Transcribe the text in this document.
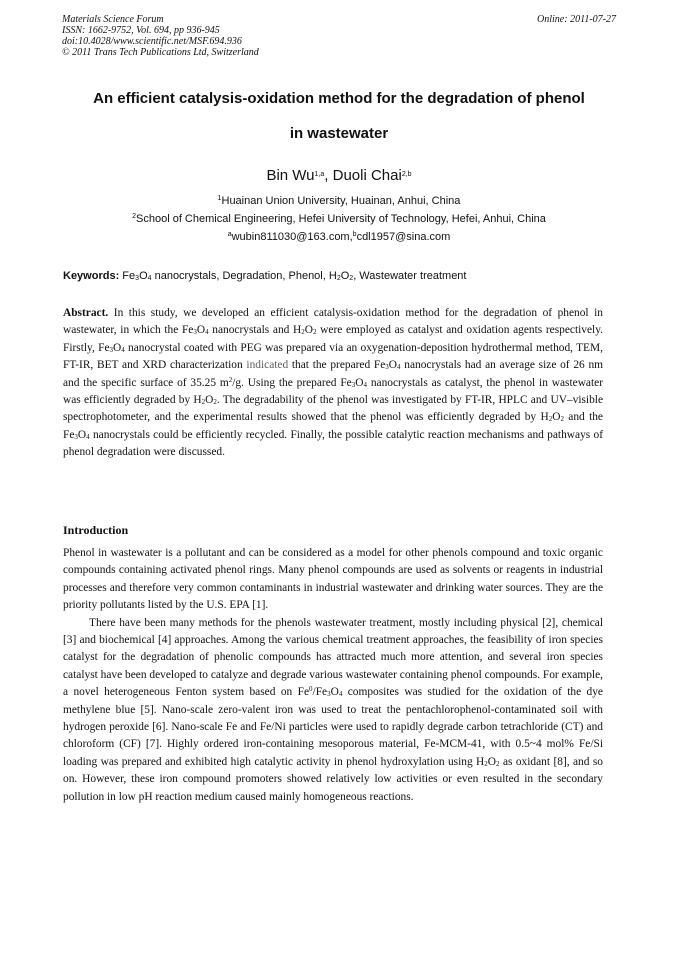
Materials Science Forum
ISSN: 1662-9752, Vol. 694, pp 936-945
doi:10.4028/www.scientific.net/MSF.694.936
© 2011 Trans Tech Publications Ltd, Switzerland
Online: 2011-07-27
An efficient catalysis-oxidation method for the degradation of phenol
in wastewater
Bin Wu$^{1,a}$, Duoli Chai$^{2,b}$
$^1$Huainan Union University, Huainan, Anhui, China
$^2$School of Chemical Engineering, Hefei University of Technology, Hefei, Anhui, China
$^a$wubin811030@163.com,$^b$cdl1957@sina.com
Keywords: $Fe_3O_4$ nanocrystals, Degradation, Phenol, $H_2O_2$, Wastewater treatment
Abstract. In this study, we developed an efficient catalysis-oxidation method for the degradation of phenol in wastewater, in which the $Fe_3O_4$ nanocrystals and $H_2O_2$ were employed as catalyst and oxidation agents respectively. Firstly, $Fe_3O_4$ nanocrystal coated with PEG was prepared via an oxygenation-deposition hydrothermal method, TEM, FT-IR, BET and XRD characterization indicated that the prepared $Fe_3O_4$ nanocrystals had an average size of 26 nm and the specific surface of 35.25 $m^2/g$. Using the prepared $Fe_3O_4$ nanocrystals as catalyst, the phenol in wastewater was efficiently degraded by $H_2O_2$. The degradability of the phenol was investigated by FT-IR, HPLC and UV–visible spectrophotometer, and the experimental results showed that the phenol was efficiently degraded by $H_2O_2$ and the $Fe_3O_4$ nanocrystals could be efficiently recycled. Finally, the possible catalytic reaction mechanisms and pathways of phenol degradation were discussed.
Introduction

Phenol in wastewater is a pollutant and can be considered as a model for other phenols compound and toxic organic compounds containing activated phenol rings. Many phenol compounds are used as solvents or reagents in industrial processes and therefore very common contaminants in industrial wastewater and drinking water sources. They are the priority pollutants listed by the U.S. EPA [1].

There have been many methods for the phenols wastewater treatment, mostly including physical [2], chemical [3] and biochemical [4] approaches. Among the various chemical treatment approaches, the feasibility of iron species catalyst for the degradation of phenolic compounds has attracted much more attention, and several iron species catalyst have been developed to catalyze and degrade various wastewater containing phenol compounds. For example, a novel heterogeneous Fenton system based on $Fe^0/Fe_3O_4$ composites was studied for the oxidation of the dye methylene blue [5]. Nano-scale zero-valent iron was used to treat the pentachlorophenol-contaminated soil with hydrogen peroxide [6]. Nano-scale Fe and Fe/Ni particles were used to rapidly degrade carbon tetrachloride (CT) and chloroform (CF) [7]. Highly ordered iron-containing mesoporous material, Fe-MCM-41, with 0.5~4 mol% Fe/Si loading was prepared and exhibited high catalytic activity in phenol hydroxylation using $H_2O_2$ as oxidant [8], and so on. However, these iron compound promoters showed relatively low activities or even resulted in the secondary pollution in low pH reaction medium caused mainly homogeneous reactions.
